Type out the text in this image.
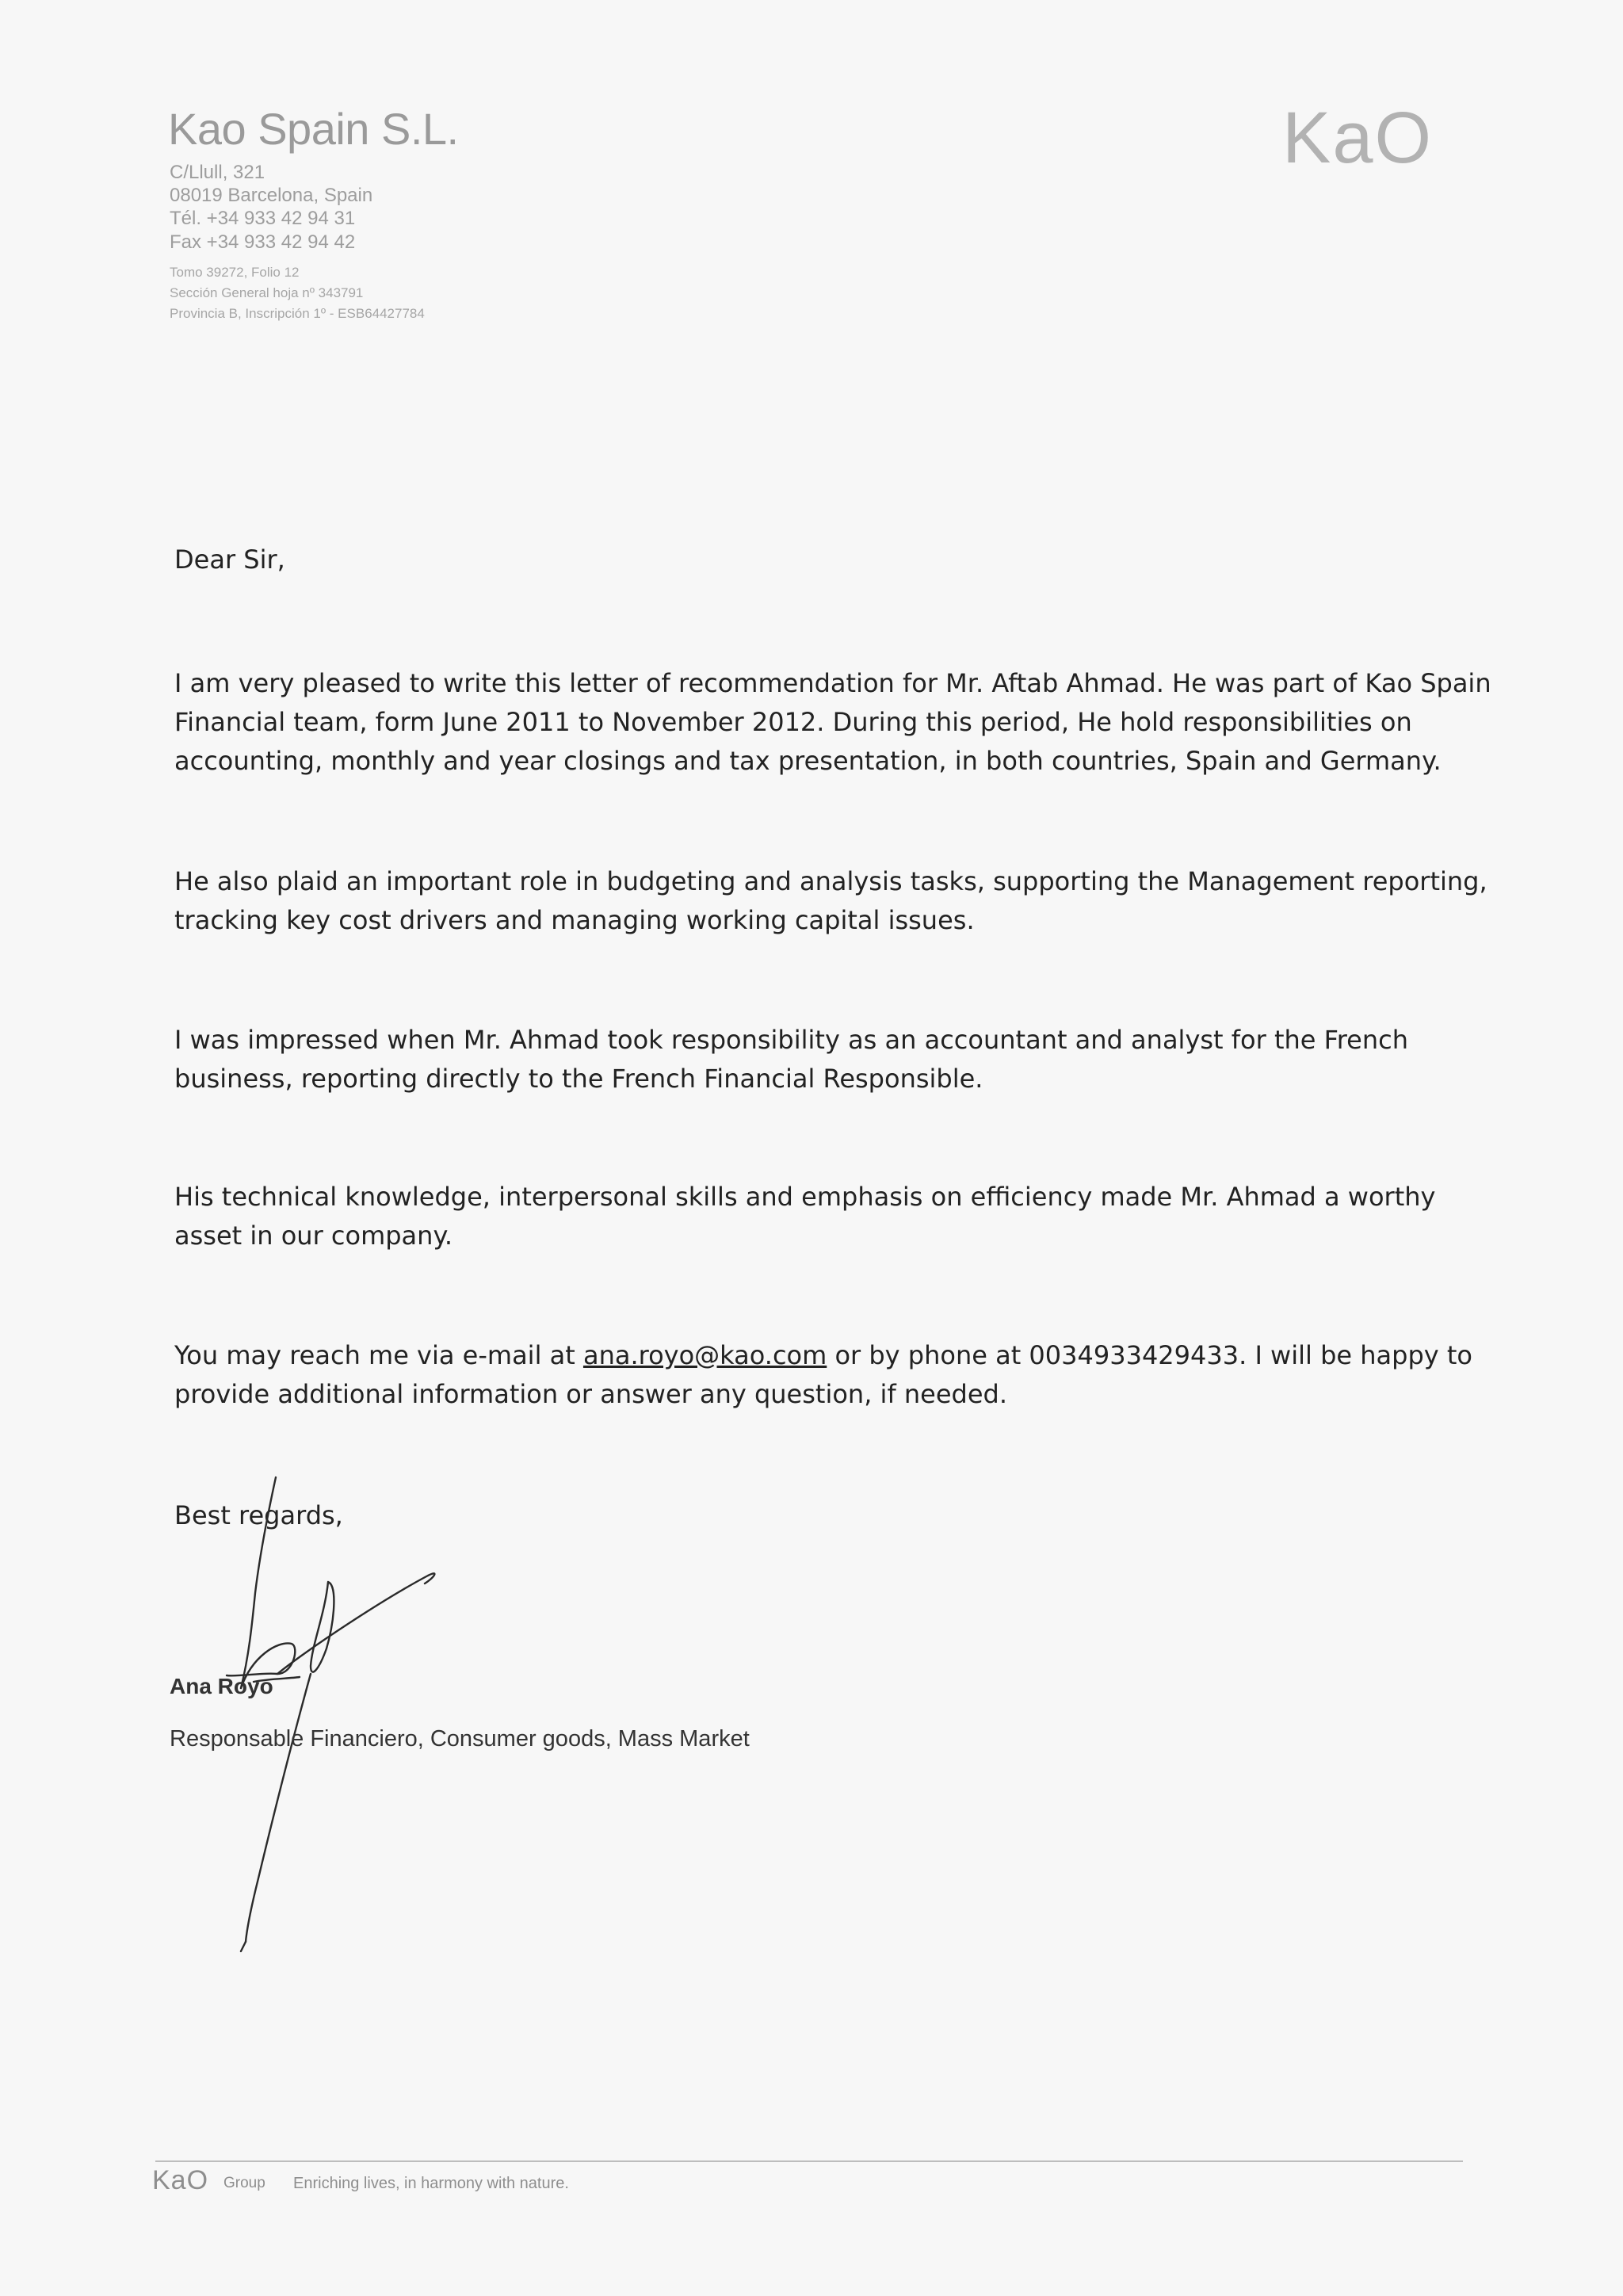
Kao Spain S.L.
C/Llull, 321
08019 Barcelona, Spain
Tél. +34 933 42 94 31
Fax +34 933 42 94 42
Tomo 39272, Folio 12
Sección General hoja nº 343791
Provincia B, Inscripción 1º - ESB64427784
KaO

Dear Sir,

I am very pleased to write this letter of recommendation for Mr. Aftab Ahmad. He was part of Kao Spain
Financial team, form June 2011 to November 2012. During this period, He hold responsibilities on
accounting, monthly and year closings and tax presentation, in both countries, Spain and Germany.

He also plaid an important role in budgeting and analysis tasks, supporting the Management reporting,
tracking key cost drivers and managing working capital issues.

I was impressed when Mr. Ahmad took responsibility as an accountant and analyst for the French
business, reporting directly to the French Financial Responsible.

His technical knowledge, interpersonal skills and emphasis on efficiency made Mr. Ahmad a worthy
asset in our company.

You may reach me via e-mail at ana.royo@kao.com or by phone at 0034933429433. I will be happy to
provide additional information or answer any question, if needed.

Best regards,

Ana Royo
Responsable Financiero, Consumer goods, Mass Market
KaO Group Enriching lives, in harmony with nature.
